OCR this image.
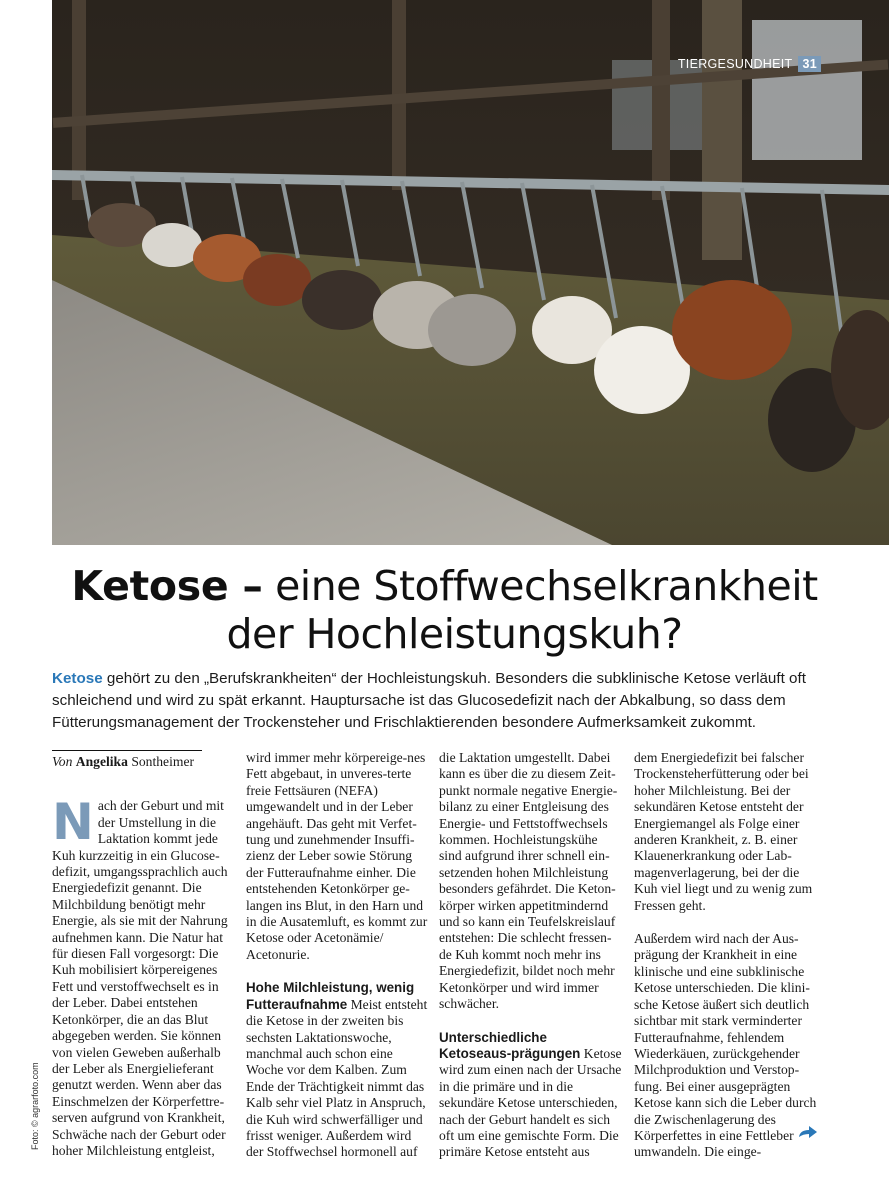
TIERGESUNDHEIT 31
Ketose – eine Stoffwechselkrankheit
der Hochleistungskuh?
Ketose gehört zu den „Berufskrankheiten“ der Hochleistungskuh. Besonders die subklinische Ketose verläuft oft schleichend und wird zu spät erkannt. Hauptursache ist das Glucosedefizit nach der Abkalbung, so dass dem Fütterungsmanagement der Trockensteher und Frischlaktierenden besondere Aufmerksamkeit zukommt.
Von Angelika Sontheimer

Nach der Geburt und mit der Umstellung in die Laktation kommt jede Kuh kurzzeitig in ein Glucose-defizit, umgangssprachlich auch Energiedefizit genannt. Die Milchbildung benötigt mehr Energie, als sie mit der Nahrung aufnehmen kann. Die Natur hat für diesen Fall vorgesorgt: Die Kuh mobilisiert körpereigenes Fett und verstoffwechselt es in der Leber. Dabei entstehen Ketonkörper, die an das Blut abgegeben werden. Sie können von vielen Geweben außerhalb der Leber als Energielieferant genutzt werden. Wenn aber das Einschmelzen der Körperfettre-serven aufgrund von Krankheit, Schwäche nach der Geburt oder hoher Milchleistung entgleist,

wird immer mehr körpereige-nes Fett abgebaut, in unveres-terte freie Fettsäuren (NEFA) umgewandelt und in der Leber angehäuft. Das geht mit Verfet-tung und zunehmender Insuffi-zienz der Leber sowie Störung der Futteraufnahme einher. Die entstehenden Ketonkörper ge-langen ins Blut, in den Harn und in die Ausatemluft, es kommt zur Ketose oder Acetonämie/ Acetonurie.

Hohe Milchleistung, wenig Futteraufnahme Meist entsteht die Ketose in der zweiten bis sechsten Laktationswoche, manchmal auch schon eine Woche vor dem Kalben. Zum Ende der Trächtigkeit nimmt das Kalb sehr viel Platz in Anspruch, die Kuh wird schwerfälliger und frisst weniger. Außerdem wird der Stoffwechsel hormonell auf

die Laktation umgestellt. Dabei kann es über die zu diesem Zeit-punkt normale negative Energie-bilanz zu einer Entgleisung des Energie- und Fettstoffwechsels kommen. Hochleistungskühe sind aufgrund ihrer schnell ein-setzenden hohen Milchleistung besonders gefährdet. Die Keton-körper wirken appetitmindernd und so kann ein Teufelskreislauf entstehen: Die schlecht fressen-de Kuh kommt noch mehr ins Energiedefizit, bildet noch mehr Ketonkörper und wird immer schwächer.

Unterschiedliche Ketoseaus-prägungen Ketose wird zum einen nach der Ursache in die primäre und in die sekundäre Ketose unterschieden, nach der Geburt handelt es sich oft um eine gemischte Form. Die primäre Ketose entsteht aus

dem Energiedefizit bei falscher Trockensteherfütterung oder bei hoher Milchleistung. Bei der sekundären Ketose entsteht der Energiemangel als Folge einer anderen Krankheit, z. B. einer Klauenerkrankung oder Lab-magenverlagerung, bei der die Kuh viel liegt und zu wenig zum Fressen geht.

Außerdem wird nach der Aus-prägung der Krankheit in eine klinische und eine subklinische Ketose unterschieden. Die klini-sche Ketose äußert sich deutlich sichtbar mit stark verminderter Futteraufnahme, fehlendem Wiederkäuen, zurückgehender Milchproduktion und Verstop-fung. Bei einer ausgeprägten Ketose kann sich die Leber durch die Zwischenlagerung des Körperfettes in eine Fettleber umwandeln. Die einge-

Foto: © agrarfoto.com
